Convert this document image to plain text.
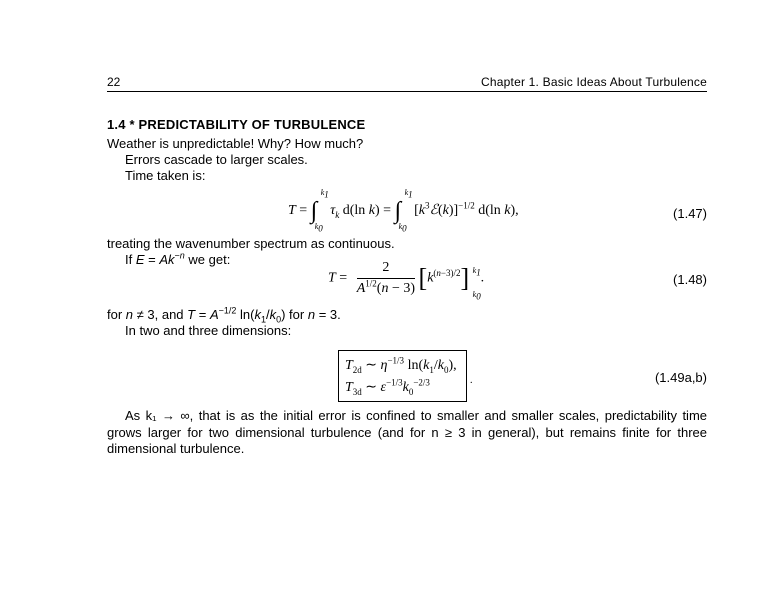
22	Chapter 1. Basic Ideas About Turbulence
1.4 * PREDICTABILITY OF TURBULENCE
Weather is unpredictable! Why? How much?
Errors cascade to larger scales.
Time taken is:
T = ∫
$k_1$
$k_0$
$\tau_k$ d(ln k) = ∫
$k_1$
$k_0$
$[k^3ℰ(k)]^{-1/2}$ d(ln k),	(1.47)
treating the wavenumber spectrum as continuous.
If $E = Ak^{-n}$ we get:
$T = \frac{2}{A^{1/2}(n - 3)} [k^{(n-3)/2}]$ $k_1$
$k_0$
.	(1.48)
for n ≠ 3, and $T = A^{-1/2}$ $\ln(k_1/k_0)$ for n = 3.
In two and three dimensions:
$T_{2d}$ ∼ $\eta^{-1/3}$ $\ln(k_1/k_0)$,
$T_{3d}$ ∼ $\varepsilon^{-1/3}k_0^{-2/3}$	.	(1.49a,b)
As k₁ → ∞, that is as the initial error is confined to smaller and smaller scales, predictability time grows larger for two dimensional turbulence (and for n ≥ 3 in general), but remains finite for three dimensional turbulence.
